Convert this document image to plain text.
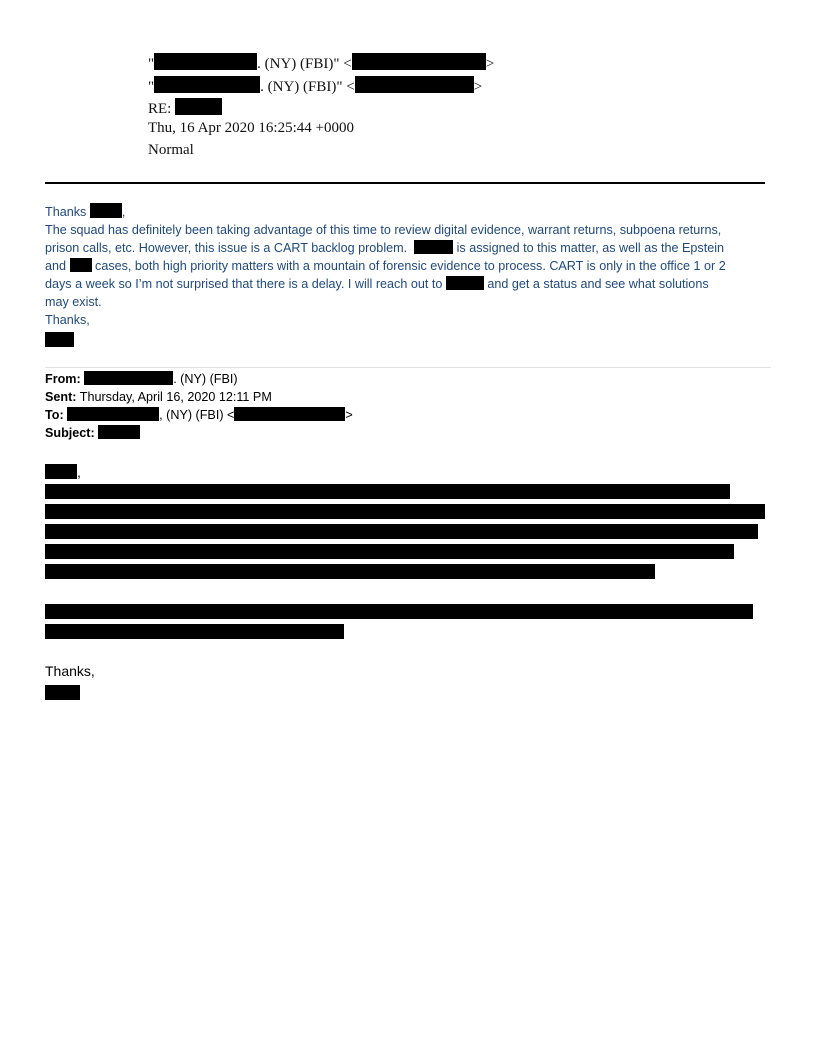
"	. (NY) (FBI)" <	>
"	. (NY) (FBI)" <	>
RE:
Thu, 16 Apr 2020 16:25:44 +0000
Normal
Thanks	,
The squad has definitely been taking advantage of this time to review digital evidence, warrant returns, subpoena returns,
prison calls, etc. However, this issue is a CART backlog problem.	is assigned to this matter, as well as the Epstein
and cases, both high priority matters with a mountain of forensic evidence to process. CART is only in the office 1 or 2
days a week so I’m not surprised that there is a delay. I will reach out to	and get a status and see what solutions
may exist.
Thanks,
From:	. (NY) (FBI)
Sent: Thursday, April 16, 2020 12:11 PM
To:	, (NY) (FBI) <	>
Subject:
,
Thanks,
